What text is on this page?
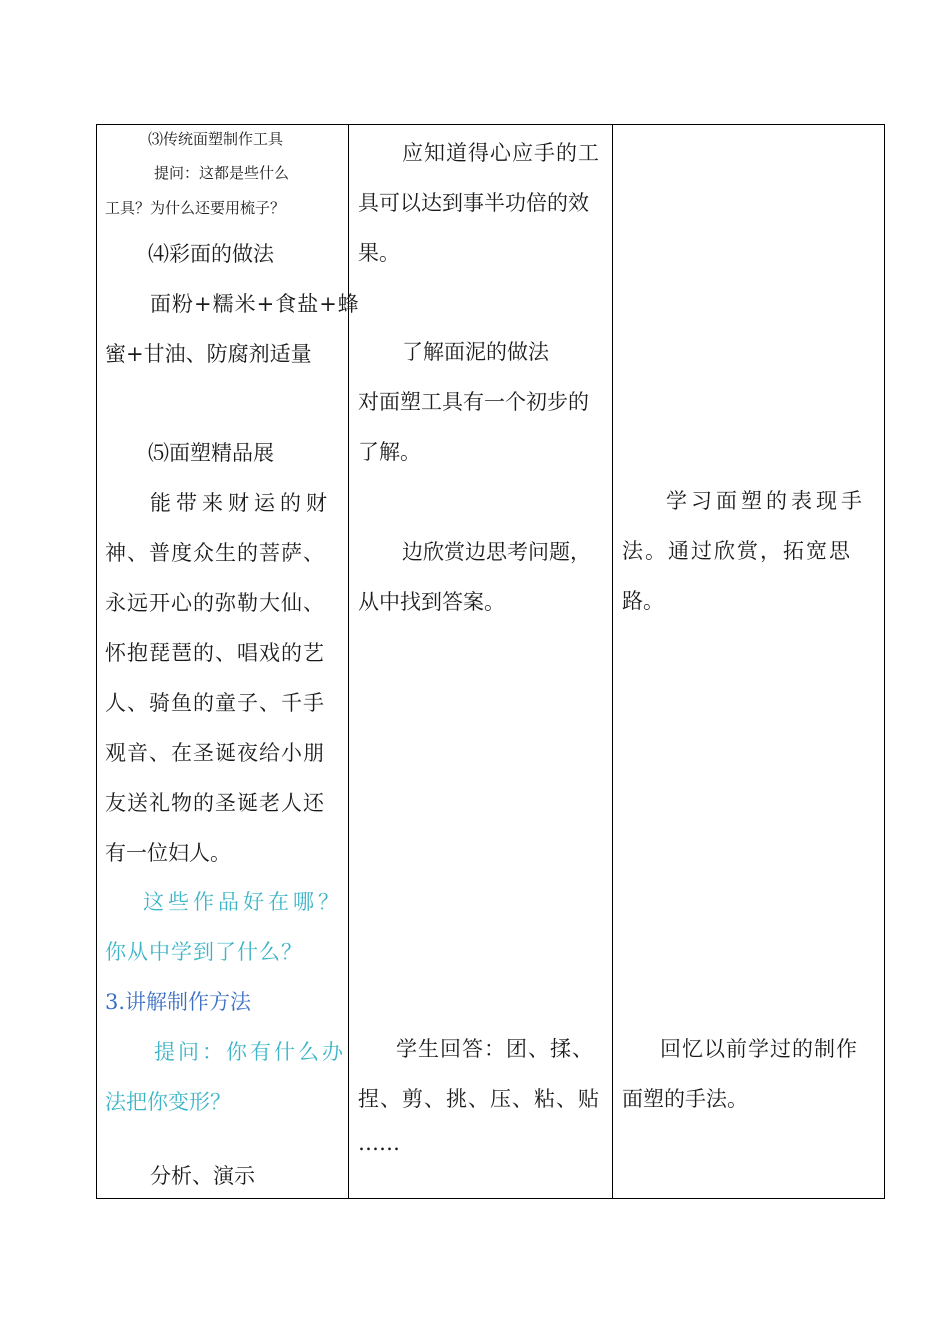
⑶传统面塑制作工具
提问：这都是些什么
工具？为什么还要用梳子？
⑷彩面的做法
面粉+糯米+食盐+蜂
蜜+甘油、防腐剂适量
⑸面塑精品展
能带来财运的财
神、普度众生的菩萨、
永远开心的弥勒大仙、
怀抱琵琶的、唱戏的艺
人、骑鱼的童子、千手
观音、在圣诞夜给小朋
友送礼物的圣诞老人还
有一位妇人。
这些作品好在哪？
你从中学到了什么？
3.讲解制作方法
提问：你有什么办
法把你变形？
分析、演示
应知道得心应手的工
具可以达到事半功倍的效
果。
了解面泥的做法
对面塑工具有一个初步的
了解。
边欣赏边思考问题，
从中找到答案。
学生回答：团、揉、
捏、剪、挑、压、粘、贴
……
学习面塑的表现手
法。通过欣赏，拓宽思
路。
回忆以前学过的制作
面塑的手法。
